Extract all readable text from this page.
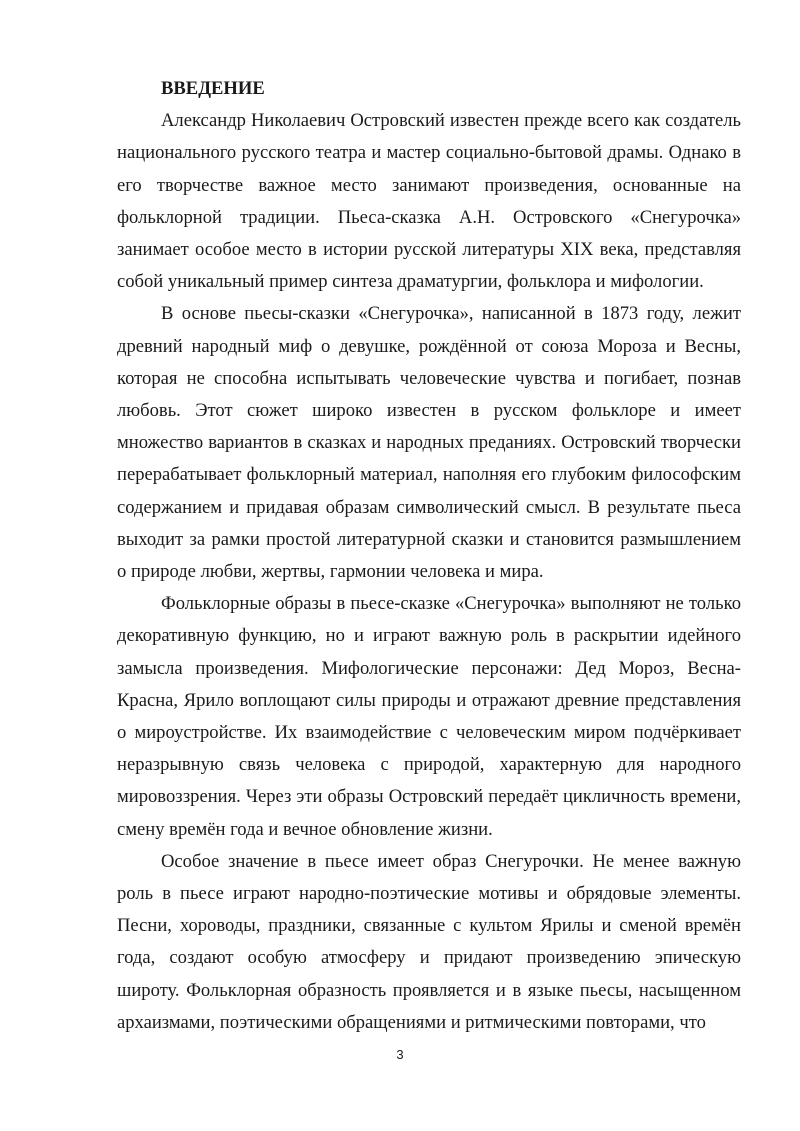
ВВЕДЕНИЕ

Александр Николаевич Островский известен прежде всего как создатель национального русского театра и мастер социально-бытовой драмы. Однако в его творчестве важное место занимают произведения, основанные на фольклорной традиции. Пьеса-сказка А.Н. Островского «Снегурочка» занимает особое место в истории русской литературы XIX века, представляя собой уникальный пример синтеза драматургии, фольклора и мифологии.

В основе пьесы-сказки «Снегурочка», написанной в 1873 году, лежит древний народный миф о девушке, рождённой от союза Мороза и Весны, которая не способна испытывать человеческие чувства и погибает, познав любовь. Этот сюжет широко известен в русском фольклоре и имеет множество вариантов в сказках и народных преданиях. Островский творчески перерабатывает фольклорный материал, наполняя его глубоким философским содержанием и придавая образам символический смысл. В результате пьеса выходит за рамки простой литературной сказки и становится размышлением о природе любви, жертвы, гармонии человека и мира.

Фольклорные образы в пьесе-сказке «Снегурочка» выполняют не только декоративную функцию, но и играют важную роль в раскрытии идейного замысла произведения. Мифологические персонажи: Дед Мороз, Весна-Красна, Ярило воплощают силы природы и отражают древние представления о мироустройстве. Их взаимодействие с человеческим миром подчёркивает неразрывную связь человека с природой, характерную для народного мировоззрения. Через эти образы Островский передаёт цикличность времени, смену времён года и вечное обновление жизни.

Особое значение в пьесе имеет образ Снегурочки. Не менее важную роль в пьесе играют народно-поэтические мотивы и обрядовые элементы. Песни, хороводы, праздники, связанные с культом Ярилы и сменой времён года, создают особую атмосферу и придают произведению эпическую широту. Фольклорная образность проявляется и в языке пьесы, насыщенном архаизмами, поэтическими обращениями и ритмическими повторами, что

3
